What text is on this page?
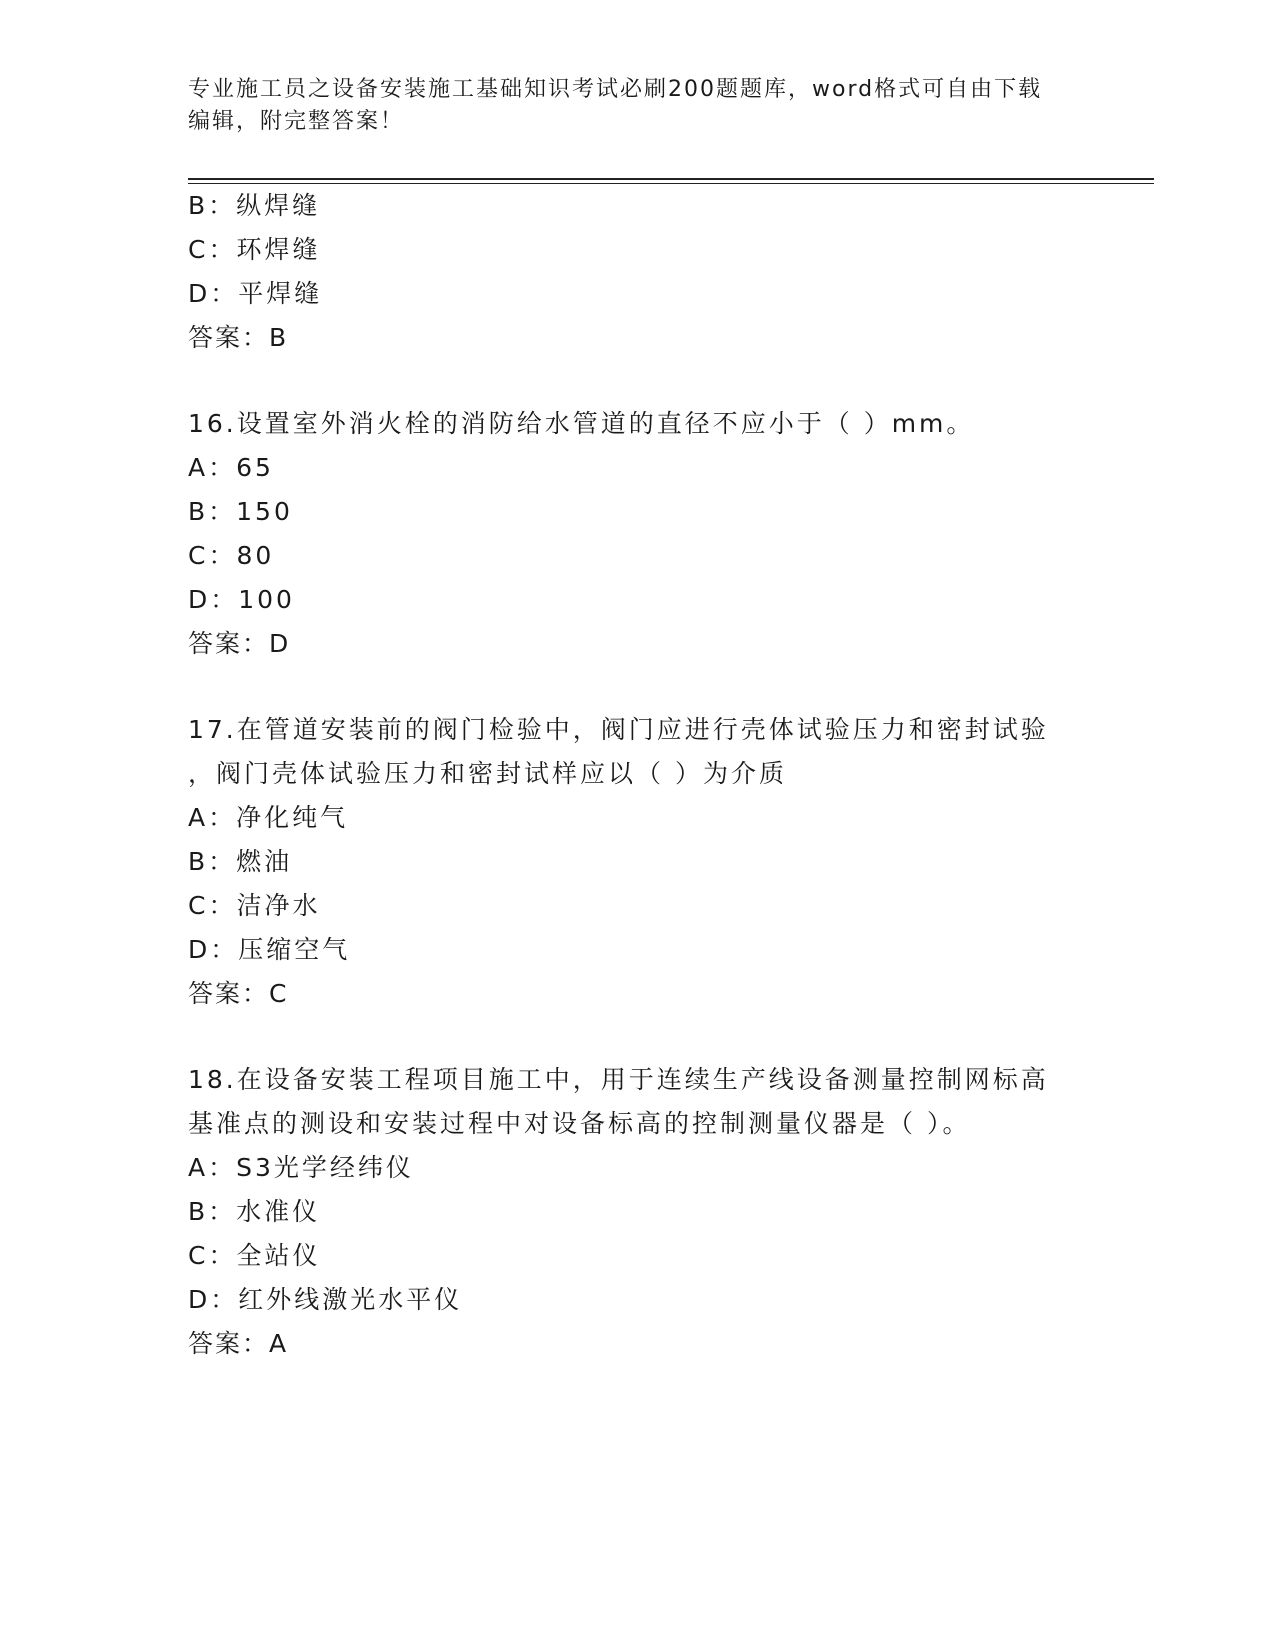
专业施工员之设备安装施工基础知识考试必刷200题题库，word格式可自由下载
编辑，附完整答案！
B：纵焊缝
C：环焊缝
D：平焊缝
答案：B
16.设置室外消火栓的消防给水管道的直径不应小于（ ）mm。
A：65
B：150
C：80
D：100
答案：D
17.在管道安装前的阀门检验中，阀门应进行壳体试验压力和密封试验
，阀门壳体试验压力和密封试样应以（ ）为介质
A：净化纯气
B：燃油
C：洁净水
D：压缩空气
答案：C
18.在设备安装工程项目施工中，用于连续生产线设备测量控制网标高
基准点的测设和安装过程中对设备标高的控制测量仪器是（ ）。
A：S3光学经纬仪
B：水准仪
C：全站仪
D：红外线激光水平仪
答案：A
